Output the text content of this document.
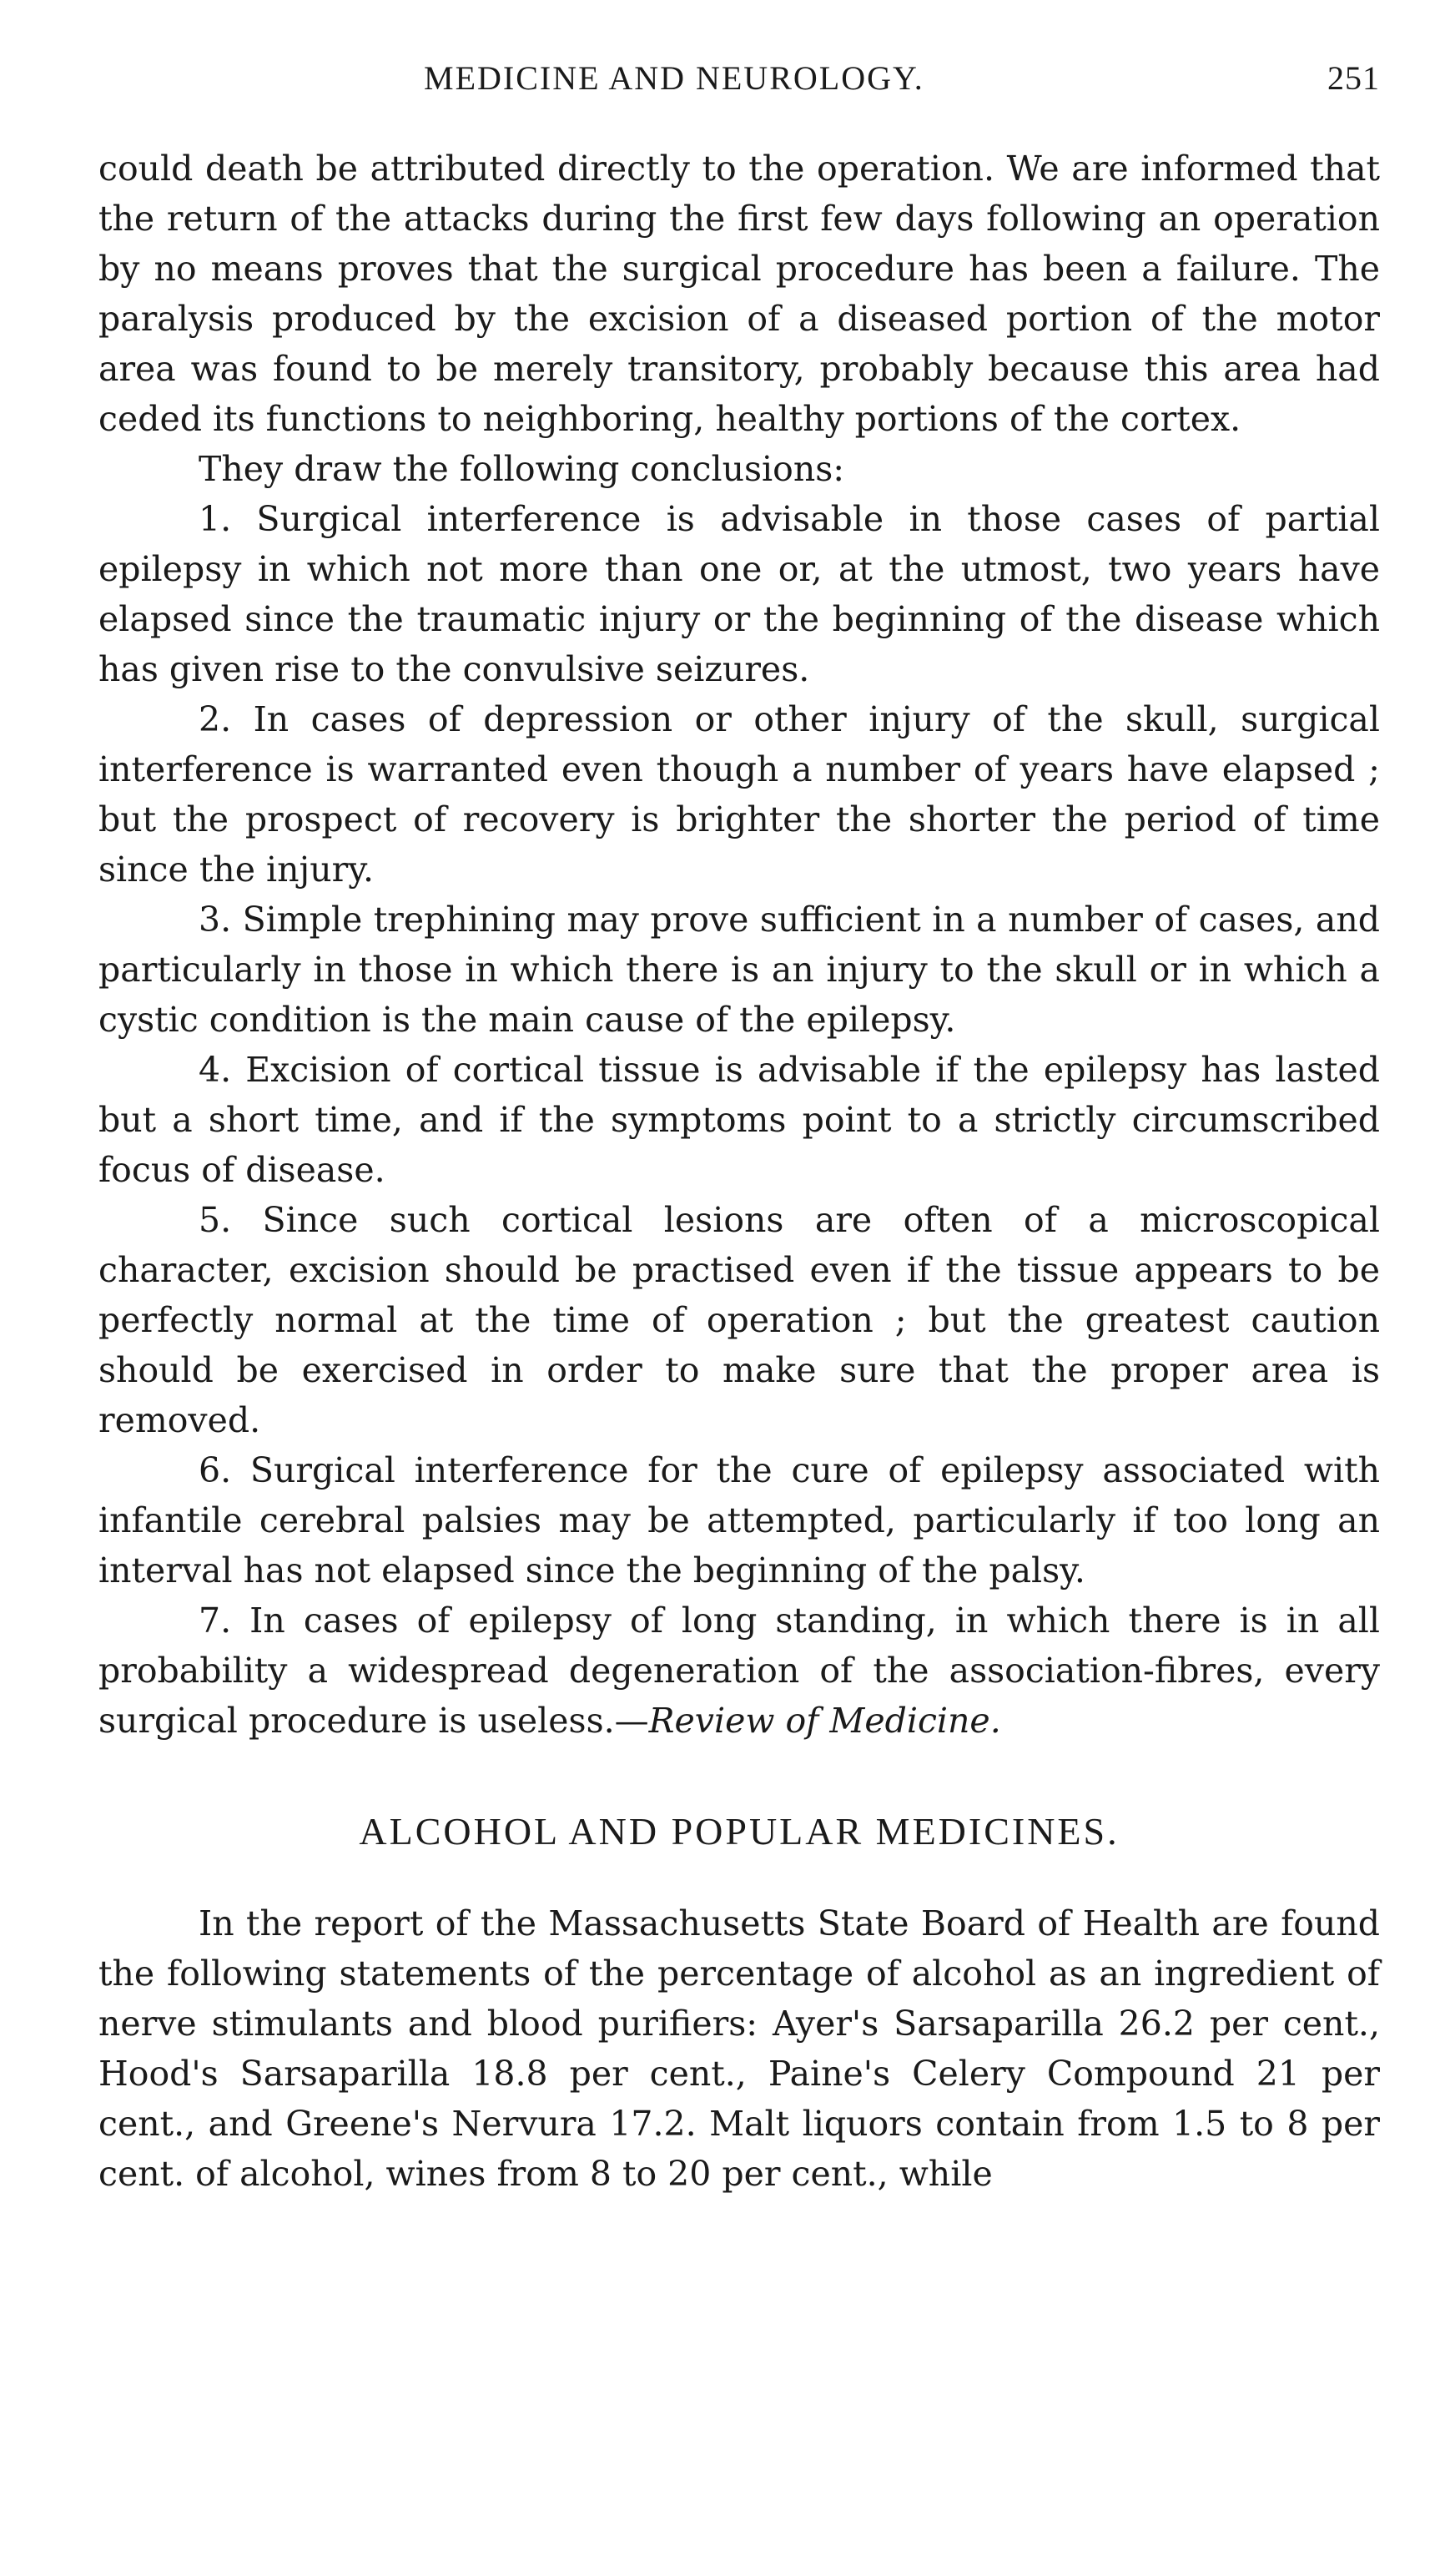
MEDICINE AND NEUROLOGY.	251

could death be attributed directly to the operation. We are informed that the return of the attacks during the first few days following an operation by no means proves that the surgical procedure has been a failure. The paralysis produced by the excision of a diseased portion of the motor area was found to be merely transitory, probably because this area had ceded its functions to neighboring, healthy portions of the cortex.

They draw the following conclusions:

1. Surgical interference is advisable in those cases of partial epilepsy in which not more than one or, at the utmost, two years have elapsed since the traumatic injury or the beginning of the disease which has given rise to the convulsive seizures.

2. In cases of depression or other injury of the skull, surgical interference is warranted even though a number of years have elapsed ; but the prospect of recovery is brighter the shorter the period of time since the injury.

3. Simple trephining may prove sufficient in a number of cases, and particularly in those in which there is an injury to the skull or in which a cystic condition is the main cause of the epilepsy.

4. Excision of cortical tissue is advisable if the epilepsy has lasted but a short time, and if the symptoms point to a strictly circumscribed focus of disease.

5. Since such cortical lesions are often of a microscopical character, excision should be practised even if the tissue appears to be perfectly normal at the time of operation ; but the greatest caution should be exercised in order to make sure that the proper area is removed.

6. Surgical interference for the cure of epilepsy associated with infantile cerebral palsies may be attempted, particularly if too long an interval has not elapsed since the beginning of the palsy.

7. In cases of epilepsy of long standing, in which there is in all probability a widespread degeneration of the association-fibres, every surgical procedure is useless.—Review of Medicine.

ALCOHOL AND POPULAR MEDICINES.

In the report of the Massachusetts State Board of Health are found the following statements of the percentage of alcohol as an ingredient of nerve stimulants and blood purifiers: Ayer's Sarsaparilla 26.2 per cent., Hood's Sarsaparilla 18.8 per cent., Paine's Celery Compound 21 per cent., and Greene's Nervura 17.2. Malt liquors contain from 1.5 to 8 per cent. of alcohol, wines from 8 to 20 per cent., while
